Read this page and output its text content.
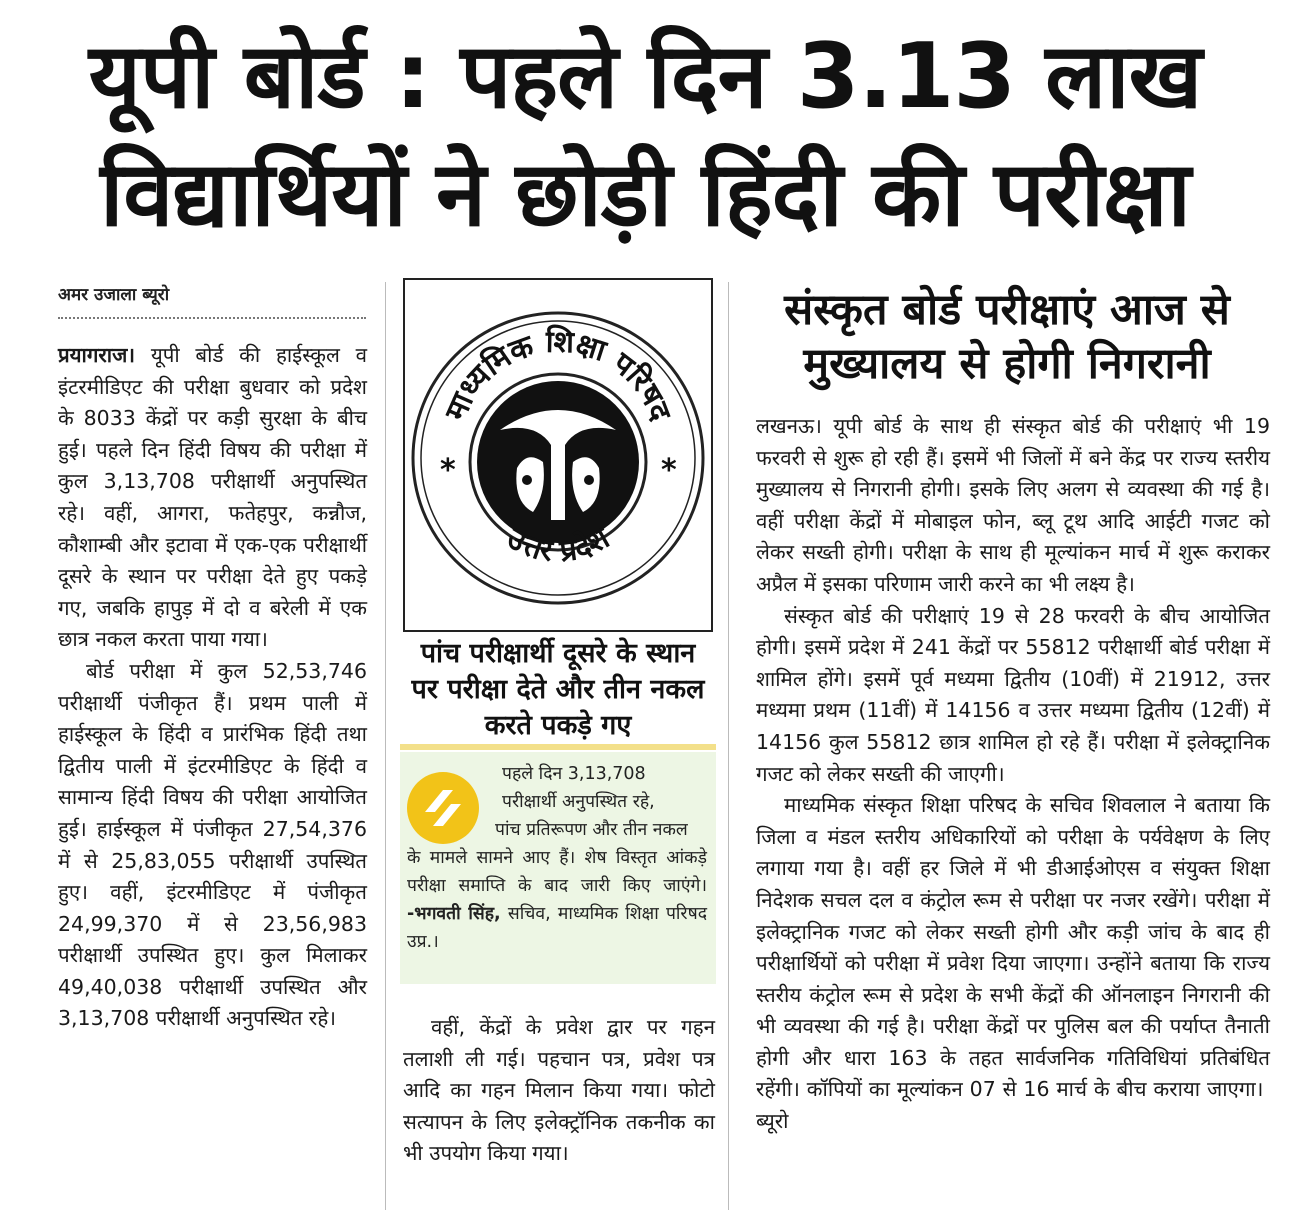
यूपी बोर्ड : पहले दिन 3.13 लाख
विद्यार्थियों ने छोड़ी हिंदी की परीक्षा
अमर उजाला ब्यूरो

प्रयागराज। यूपी बोर्ड की हाईस्कूल व इंटरमीडिएट की परीक्षा बुधवार को प्रदेश के 8033 केंद्रों पर कड़ी सुरक्षा के बीच हुई। पहले दिन हिंदी विषय की परीक्षा में कुल 3,13,708 परीक्षार्थी अनुपस्थित रहे। वहीं, आगरा, फतेहपुर, कन्नौज, कौशाम्बी और इटावा में एक-एक परीक्षार्थी दूसरे के स्थान पर परीक्षा देते हुए पकड़े गए, जबकि हापुड़ में दो व बरेली में एक छात्र नकल करता पाया गया।

बोर्ड परीक्षा में कुल 52,53,746 परीक्षार्थी पंजीकृत हैं। प्रथम पाली में हाईस्कूल के हिंदी व प्रारंभिक हिंदी तथा द्वितीय पाली में इंटरमीडिएट के हिंदी व सामान्य हिंदी विषय की परीक्षा आयोजित हुई। हाईस्कूल में पंजीकृत 27,54,376 में से 25,83,055 परीक्षार्थी उपस्थित हुए। वहीं, इंटरमीडिएट में पंजीकृत 24,99,370 में से 23,56,983 परीक्षार्थी उपस्थित हुए। कुल मिलाकर 49,40,038 परीक्षार्थी उपस्थित और 3,13,708 परीक्षार्थी अनुपस्थित रहे।

माध्यमिक शिक्षा परिषद
उत्तर प्रदेश
*	*
पांच परीक्षार्थी दूसरे के स्थान पर परीक्षा देते और तीन नकल करते पकड़े गए
पहले दिन 3,13,708
परीक्षार्थी अनुपस्थित रहे,
पांच प्रतिरूपण और तीन नकल
के मामले सामने आए हैं। शेष विस्तृत आंकड़े परीक्षा समाप्ति के बाद जारी किए जाएंगे। -भगवती सिंह, सचिव, माध्यमिक शिक्षा परिषद उप्र.।

वहीं, केंद्रों के प्रवेश द्वार पर गहन तलाशी ली गई। पहचान पत्र, प्रवेश पत्र आदि का गहन मिलान किया गया। फोटो सत्यापन के लिए इलेक्ट्रॉनिक तकनीक का भी उपयोग किया गया।

संस्कृत बोर्ड परीक्षाएं आज से मुख्यालय से होगी निगरानी

लखनऊ। यूपी बोर्ड के साथ ही संस्कृत बोर्ड की परीक्षाएं भी 19 फरवरी से शुरू हो रही हैं। इसमें भी जिलों में बने केंद्र पर राज्य स्तरीय मुख्यालय से निगरानी होगी। इसके लिए अलग से व्यवस्था की गई है। वहीं परीक्षा केंद्रों में मोबाइल फोन, ब्लू टूथ आदि आईटी गजट को लेकर सख्ती होगी। परीक्षा के साथ ही मूल्यांकन मार्च में शुरू कराकर अप्रैल में इसका परिणाम जारी करने का भी लक्ष्य है।

संस्कृत बोर्ड की परीक्षाएं 19 से 28 फरवरी के बीच आयोजित होगी। इसमें प्रदेश में 241 केंद्रों पर 55812 परीक्षार्थी बोर्ड परीक्षा में शामिल होंगे। इसमें पूर्व मध्यमा द्वितीय (10वीं) में 21912, उत्तर मध्यमा प्रथम (11वीं) में 14156 व उत्तर मध्यमा द्वितीय (12वीं) में 14156 कुल 55812 छात्र शामिल हो रहे हैं। परीक्षा में इलेक्ट्रानिक गजट को लेकर सख्ती की जाएगी।

माध्यमिक संस्कृत शिक्षा परिषद के सचिव शिवलाल ने बताया कि जिला व मंडल स्तरीय अधिकारियों को परीक्षा के पर्यवेक्षण के लिए लगाया गया है। वहीं हर जिले में भी डीआईओएस व संयुक्त शिक्षा निदेशक सचल दल व कंट्रोल रूम से परीक्षा पर नजर रखेंगे। परीक्षा में इलेक्ट्रानिक गजट को लेकर सख्ती होगी और कड़ी जांच के बाद ही परीक्षार्थियों को परीक्षा में प्रवेश दिया जाएगा। उन्होंने बताया कि राज्य स्तरीय कंट्रोल रूम से प्रदेश के सभी केंद्रों की ऑनलाइन निगरानी की भी व्यवस्था की गई है। परीक्षा केंद्रों पर पुलिस बल की पर्याप्त तैनाती होगी और धारा 163 के तहत सार्वजनिक गतिविधियां प्रतिबंधित रहेंगी। कॉपियों का मूल्यांकन 07 से 16 मार्च के बीच कराया जाएगा।  ब्यूरो
